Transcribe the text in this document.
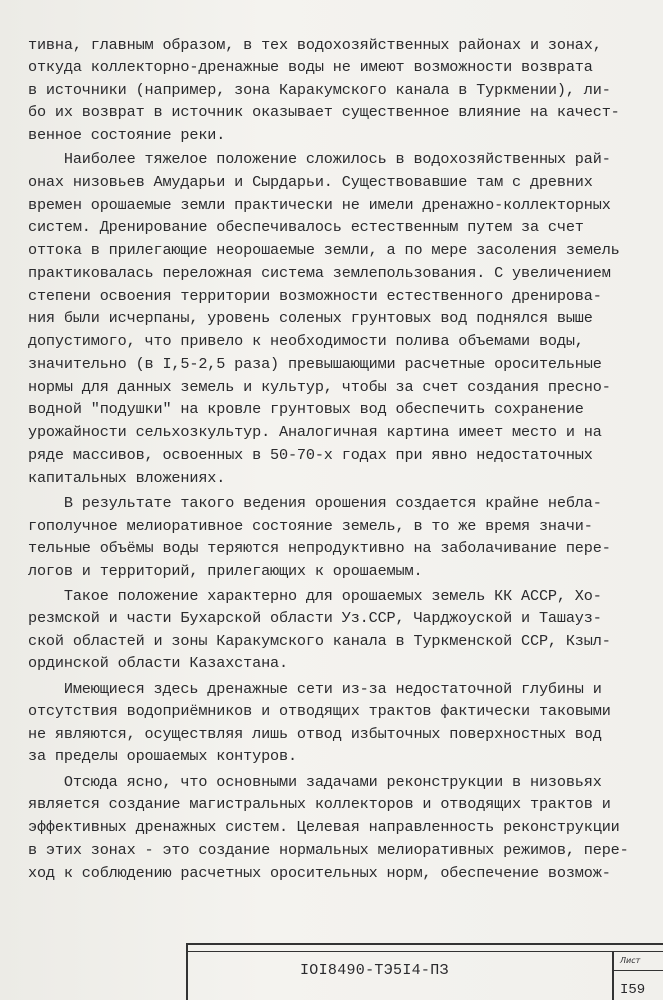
тивна, главным образом, в тех водохозяйственных районах и зонах,
откуда коллекторно-дренажные воды не имеют возможности возврата
в источники (например, зона Каракумского канала в Туркмении), ли-
бо их возврат в источник оказывает существенное влияние на качест-
венное состояние реки.
Наиболее тяжелое положение сложилось в водохозяйственных рай-
онах низовьев Амударьи и Сырдарьи. Существовавшие там с древних
времен орошаемые земли практически не имели дренажно-коллекторных
систем. Дренирование обеспечивалось естественным путем за счет
оттока в прилегающие неорошаемые земли, а по мере засоления земель
практиковалась переложная система землепользования. С увеличением
степени освоения территории возможности естественного дренирова-
ния были исчерпаны, уровень соленых грунтовых вод поднялся выше
допустимого, что привело к необходимости полива объемами воды,
значительно (в I,5-2,5 раза) превышающими расчетные оросительные
нормы для данных земель и культур, чтобы за счет создания пресно-
водной "подушки" на кровле грунтовых вод обеспечить сохранение
урожайности сельхозкультур. Аналогичная картина имеет место и на
ряде массивов, освоенных в 50-70-х годах при явно недостаточных
капитальных вложениях.
В результате такого ведения орошения создается крайне небла-
гополучное мелиоративное состояние земель, в то же время значи-
тельные объёмы воды теряются непродуктивно на заболачивание пере-
логов и территорий, прилегающих к орошаемым.
Такое положение характерно для орошаемых земель КК АССР, Хо-
резмской и части Бухарской области Уз.ССР, Чарджоуской и Ташауз-
ской областей и зоны Каракумского канала в Туркменской ССР, Кзыл-
ординской области Казахстана.
Имеющиеся здесь дренажные сети из-за недостаточной глубины и
отсутствия водоприёмников и отводящих трактов фактически таковыми
не являются, осуществляя лишь отвод избыточных поверхностных вод
за пределы орошаемых контуров.
Отсюда ясно, что основными задачами реконструкции в низовьях
является создание магистральных коллекторов и отводящих трактов и
эффективных дренажных систем. Целевая направленность реконструкции
в этих зонах - это создание нормальных мелиоративных режимов, пере-
ход к соблюдению расчетных оросительных норм, обеспечение возмож-
IOI8490-ТЭ5I4-ПЗ
Лист
I59
